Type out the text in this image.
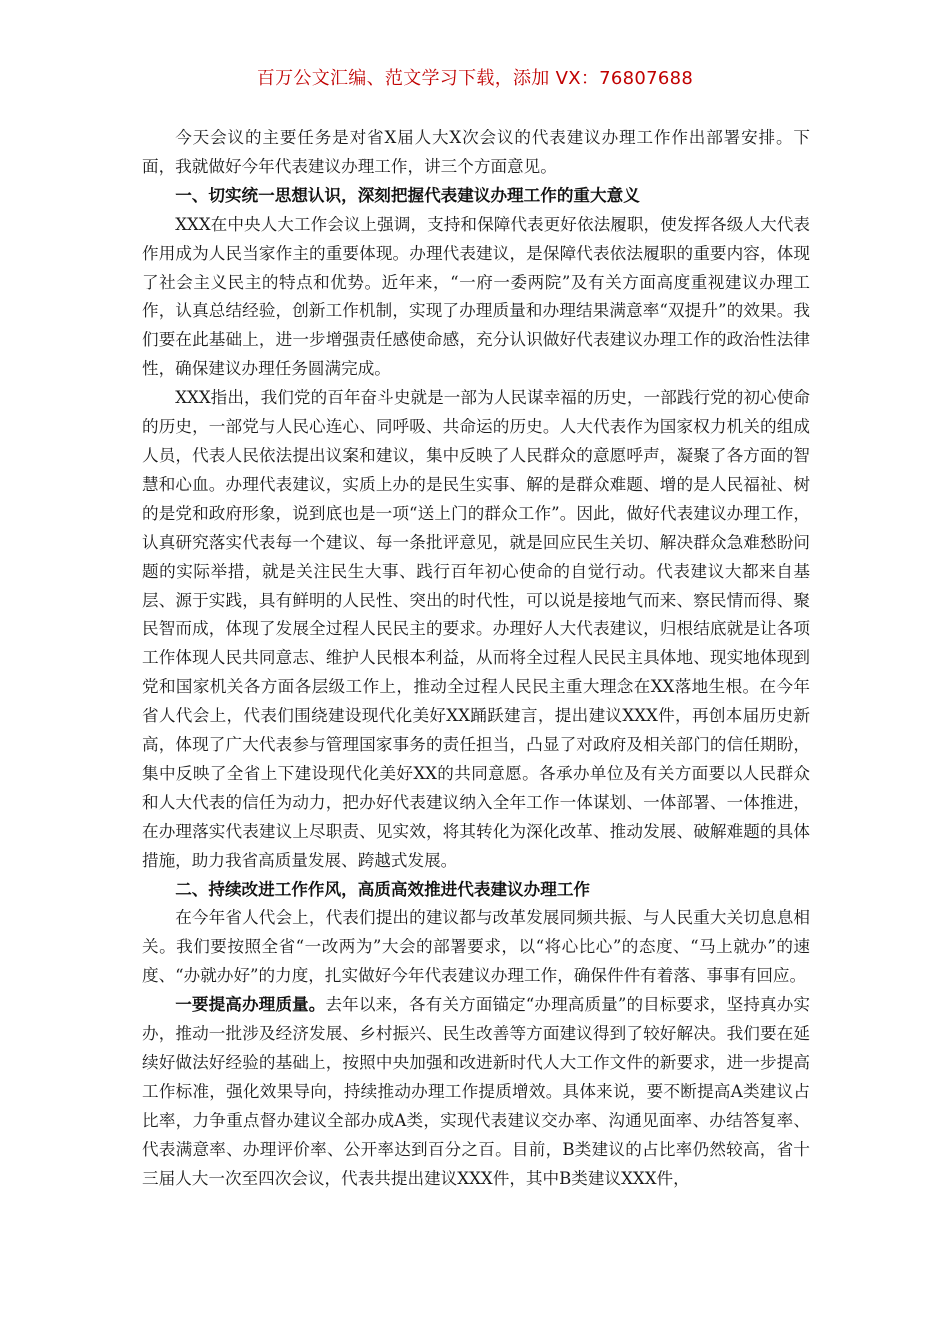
百万公文汇编、范文学习下载，添加 VX：76807688

今天会议的主要任务是对省Ⅹ届人大Ⅹ次会议的代表建议办理工作作出部署安排。下面，我就做好今年代表建议办理工作，讲三个方面意见。

一、切实统一思想认识，深刻把握代表建议办理工作的重大意义

XXX在中央人大工作会议上强调，支持和保障代表更好依法履职，使发挥各级人大代表作用成为人民当家作主的重要体现。办理代表建议，是保障代表依法履职的重要内容，体现了社会主义民主的特点和优势。近年来，“一府一委两院”及有关方面高度重视建议办理工作，认真总结经验，创新工作机制，实现了办理质量和办理结果满意率“双提升”的效果。我们要在此基础上，进一步增强责任感使命感，充分认识做好代表建议办理工作的政治性法律性，确保建议办理任务圆满完成。

XXX指出，我们党的百年奋斗史就是一部为人民谋幸福的历史，一部践行党的初心使命的历史，一部党与人民心连心、同呼吸、共命运的历史。人大代表作为国家权力机关的组成人员，代表人民依法提出议案和建议，集中反映了人民群众的意愿呼声，凝聚了各方面的智慧和心血。办理代表建议，实质上办的是民生实事、解的是群众难题、增的是人民福祉、树的是党和政府形象，说到底也是一项“送上门的群众工作”。因此，做好代表建议办理工作，认真研究落实代表每一个建议、每一条批评意见，就是回应民生关切、解决群众急难愁盼问题的实际举措，就是关注民生大事、践行百年初心使命的自觉行动。代表建议大都来自基层、源于实践，具有鲜明的人民性、突出的时代性，可以说是接地气而来、察民情而得、聚民智而成，体现了发展全过程人民民主的要求。办理好人大代表建议，归根结底就是让各项工作体现人民共同意志、维护人民根本利益，从而将全过程人民民主具体地、现实地体现到党和国家机关各方面各层级工作上，推动全过程人民民主重大理念在XX落地生根。在今年省人代会上，代表们围绕建设现代化美好XX踊跃建言，提出建议XXX件，再创本届历史新高，体现了广大代表参与管理国家事务的责任担当，凸显了对政府及相关部门的信任期盼，集中反映了全省上下建设现代化美好XX的共同意愿。各承办单位及有关方面要以人民群众和人大代表的信任为动力，把办好代表建议纳入全年工作一体谋划、一体部署、一体推进，在办理落实代表建议上尽职责、见实效，将其转化为深化改革、推动发展、破解难题的具体措施，助力我省高质量发展、跨越式发展。

二、持续改进工作作风，高质高效推进代表建议办理工作

在今年省人代会上，代表们提出的建议都与改革发展同频共振、与人民重大关切息息相关。我们要按照全省“一改两为”大会的部署要求，以“将心比心”的态度、“马上就办”的速度、“办就办好”的力度，扎实做好今年代表建议办理工作，确保件件有着落、事事有回应。

一要提高办理质量。去年以来，各有关方面锚定“办理高质量”的目标要求，坚持真办实办，推动一批涉及经济发展、乡村振兴、民生改善等方面建议得到了较好解决。我们要在延续好做法好经验的基础上，按照中央加强和改进新时代人大工作文件的新要求，进一步提高工作标准，强化效果导向，持续推动办理工作提质增效。具体来说，要不断提高A类建议占比率，力争重点督办建议全部办成A类，实现代表建议交办率、沟通见面率、办结答复率、代表满意率、办理评价率、公开率达到百分之百。目前，B类建议的占比率仍然较高，省十三届人大一次至四次会议，代表共提出建议XXX件，其中B类建议XXX件，
